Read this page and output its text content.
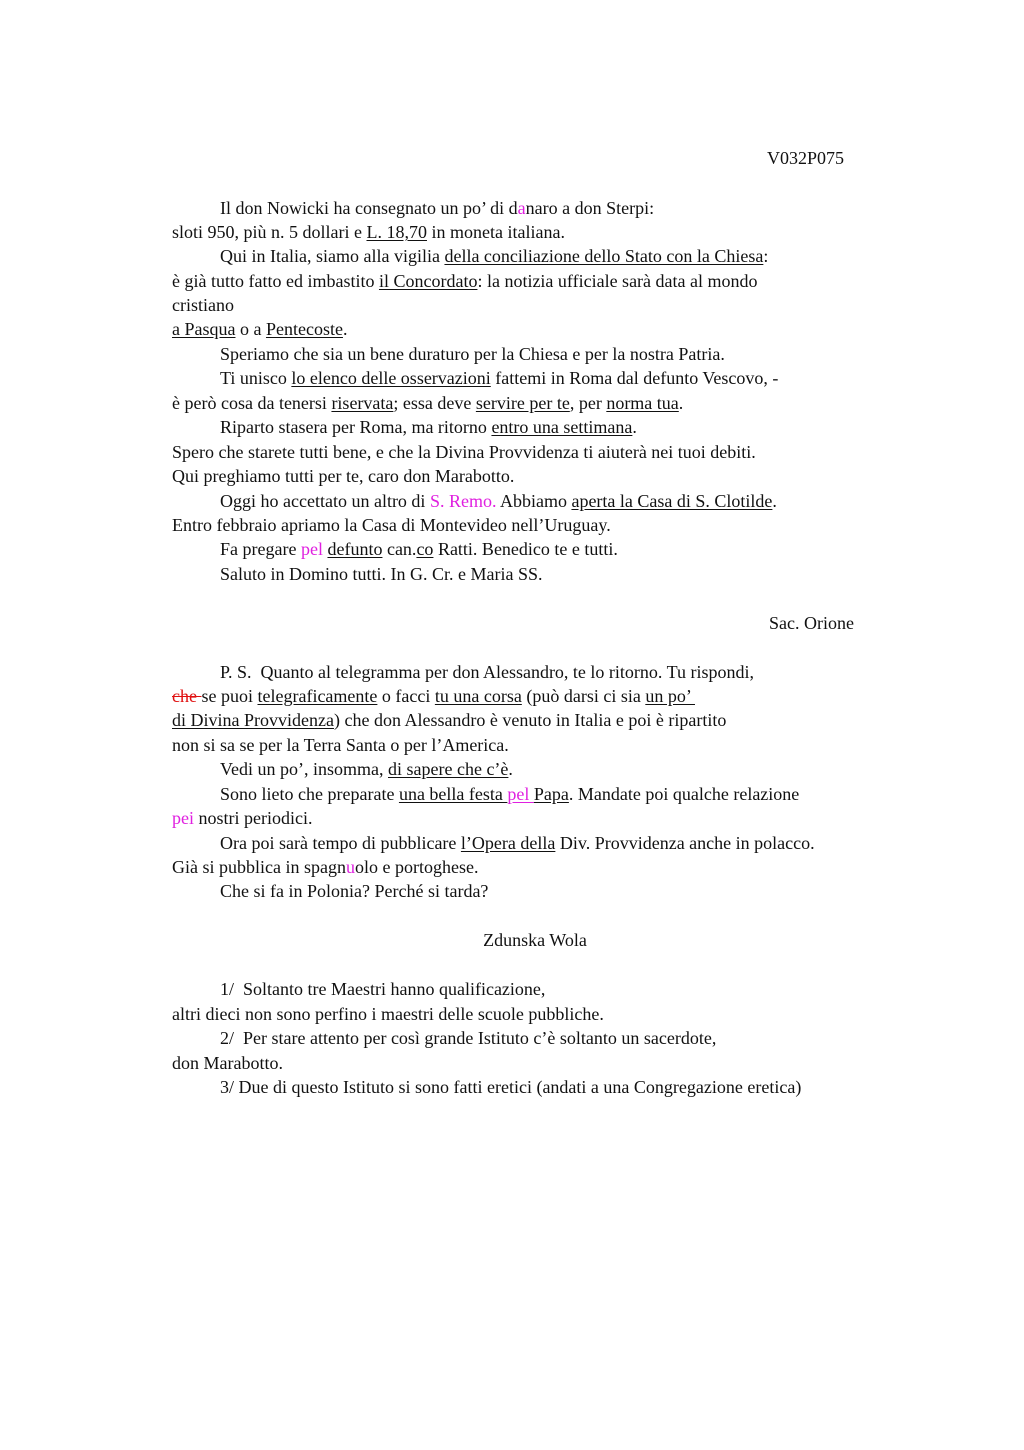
V032P075
Il don Nowicki ha consegnato un po’ di danaro a don Sterpi:
sloti 950, più n. 5 dollari e L. 18,70 in moneta italiana.
Qui in Italia, siamo alla vigilia della conciliazione dello Stato con la Chiesa:
è già tutto fatto ed imbastito il Concordato: la notizia ufficiale sarà data al mondo
cristiano
a Pasqua o a Pentecoste.
Speriamo che sia un bene duraturo per la Chiesa e per la nostra Patria.
Ti unisco lo elenco delle osservazioni fattemi in Roma dal defunto Vescovo, -
è però cosa da tenersi riservata; essa deve servire per te, per norma tua.
Riparto stasera per Roma, ma ritorno entro una settimana.
Spero che starete tutti bene, e che la Divina Provvidenza ti aiuterà nei tuoi debiti.
Qui preghiamo tutti per te, caro don Marabotto.
Oggi ho accettato un altro di S. Remo. Abbiamo aperta la Casa di S. Clotilde.
Entro febbraio apriamo la Casa di Montevideo nell’Uruguay.
Fa pregare pel defunto can.co Ratti. Benedico te e tutti.
Saluto in Domino tutti. In G. Cr. e Maria SS.
Sac. Orione
P. S.  Quanto al telegramma per don Alessandro, te lo ritorno. Tu rispondi,
che se puoi telegraficamente o facci tu una corsa (può darsi ci sia un po’
di Divina Provvidenza) che don Alessandro è venuto in Italia e poi è ripartito
non si sa se per la Terra Santa o per l’America.
Vedi un po’, insomma, di sapere che c’è.
Sono lieto che preparate una bella festa pel Papa. Mandate poi qualche relazione
pei nostri periodici.
Ora poi sarà tempo di pubblicare l’Opera della Div. Provvidenza anche in polacco.
Già si pubblica in spagnuolo e portoghese.
Che si fa in Polonia? Perché si tarda?
Zdunska Wola
1/  Soltanto tre Maestri hanno qualificazione,
altri dieci non sono perfino i maestri delle scuole pubbliche.
2/  Per stare attento per così grande Istituto c’è soltanto un sacerdote,
don Marabotto.
3/ Due di questo Istituto si sono fatti eretici (andati a una Congregazione eretica)
